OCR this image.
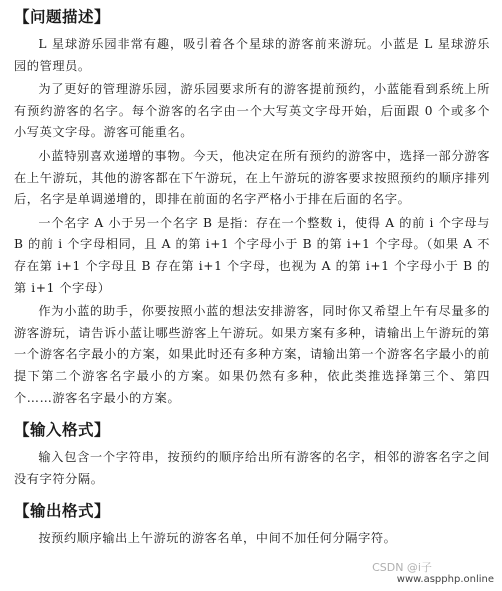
【问题描述】

L 星球游乐园非常有趣，吸引着各个星球的游客前来游玩。小蓝是 L 星球游乐园的管理员。

为了更好的管理游乐园，游乐园要求所有的游客提前预约，小蓝能看到系统上所有预约游客的名字。每个游客的名字由一个大写英文字母开始，后面跟 0 个或多个小写英文字母。游客可能重名。

小蓝特别喜欢递增的事物。今天，他决定在所有预约的游客中，选择一部分游客在上午游玩，其他的游客都在下午游玩，在上午游玩的游客要求按照预约的顺序排列后，名字是单调递增的，即排在前面的名字严格小于排在后面的名字。

一个名字 A 小于另一个名字 B 是指：存在一个整数 i，使得 A 的前 i 个字母与 B 的前 i 个字母相同，且 A 的第 i+1 个字母小于 B 的第 i+1 个字母。（如果 A 不存在第 i+1 个字母且 B 存在第 i+1 个字母，也视为 A 的第 i+1 个字母小于 B 的第 i+1 个字母）

作为小蓝的助手，你要按照小蓝的想法安排游客，同时你又希望上午有尽量多的游客游玩，请告诉小蓝让哪些游客上午游玩。如果方案有多种，请输出上午游玩的第一个游客名字最小的方案，如果此时还有多种方案，请输出第一个游客名字最小的前提下第二个游客名字最小的方案。如果仍然有多种，依此类推选择第三个、第四个……游客名字最小的方案。

【输入格式】

输入包含一个字符串，按预约的顺序给出所有游客的名字，相邻的游客名字之间没有字符分隔。

【输出格式】

按预约顺序输出上午游玩的游客名单，中间不加任何分隔字符。

CSDN @i子
www.aspphp.online
